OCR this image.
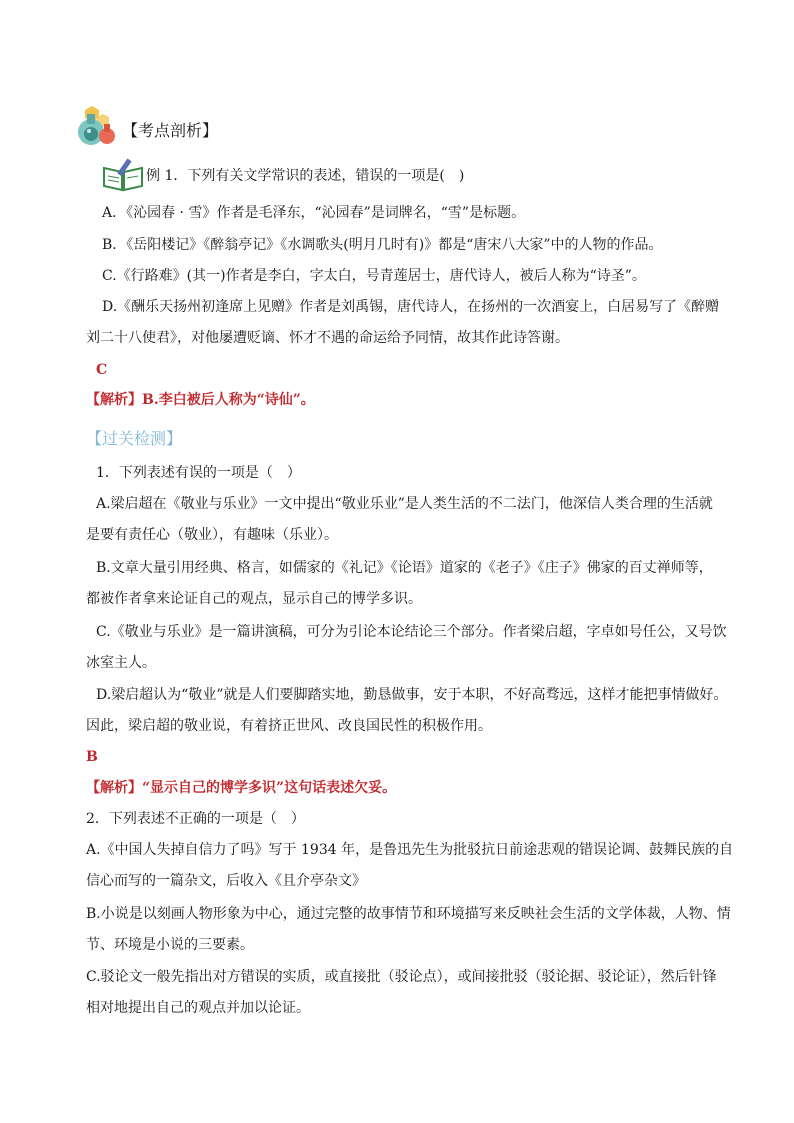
【考点剖析】
例 1．下列有关文学常识的表述，错误的一项是(　)
A．《沁园春 · 雪》作者是毛泽东，“沁园春”是词牌名，“雪”是标题。
B．《岳阳楼记》《醉翁亭记》《水调歌头(明月几时有)》都是“唐宋八大家”中的人物的作品。
C.《行路难》(其一)作者是李白，字太白，号青莲居士，唐代诗人，被后人称为“诗圣”。
D.《酬乐天扬州初逢席上见赠》作者是刘禹锡，唐代诗人，在扬州的一次酒宴上，白居易写了《醉赠
刘二十八使君》，对他屡遭贬谪、怀才不遇的命运给予同情，故其作此诗答谢。
C
【解析】B.李白被后人称为“诗仙”。
【过关检测】
1．下列表述有误的一项是（　）
A.梁启超在《敬业与乐业》一文中提出“敬业乐业”是人类生活的不二法门，他深信人类合理的生活就
是要有责任心（敬业），有趣味（乐业）。
B.文章大量引用经典、格言，如儒家的《礼记》《论语》道家的《老子》《庄子》佛家的百丈禅师等，
都被作者拿来论证自己的观点，显示自己的博学多识。
C.《敬业与乐业》是一篇讲演稿，可分为引论本论结论三个部分。作者梁启超，字卓如号任公，又号饮
冰室主人。
D.梁启超认为“敬业”就是人们要脚踏实地，勤恳做事，安于本职，不好高骛远，这样才能把事情做好。
因此，梁启超的敬业说，有着挤正世风、改良国民性的积极作用。
B
【解析】“显示自己的博学多识”这句话表述欠妥。
2．下列表述不正确的一项是（　）
A.《中国人失掉自信力了吗》写于 1934 年，是鲁迅先生为批驳抗日前途悲观的错误论调、鼓舞民族的自
信心而写的一篇杂文，后收入《且介亭杂文》
B.小说是以刻画人物形象为中心，通过完整的故事情节和环境描写来反映社会生活的文学体裁，人物、情
节、环境是小说的三要素。
C.驳论文一般先指出对方错误的实质，或直接批（驳论点），或间接批驳（驳论据、驳论证），然后针锋
相对地提出自己的观点并加以论证。
